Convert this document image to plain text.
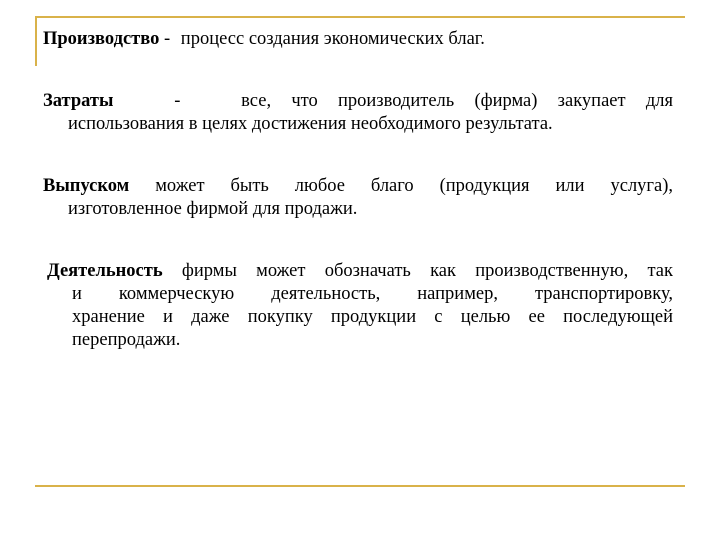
Производство - процесс создания экономических благ.
Затраты   -   все, что производитель (фирма) закупает для
использования в целях достижения необходимого результата.
Выпуском может быть любое благо (продукция или услуга),
изготовленное фирмой для продажи.
Деятельность фирмы может обозначать как производственную, так
и коммерческую деятельность, например, транспортировку,
хранение и даже покупку продукции с целью ее последующей
перепродажи.
